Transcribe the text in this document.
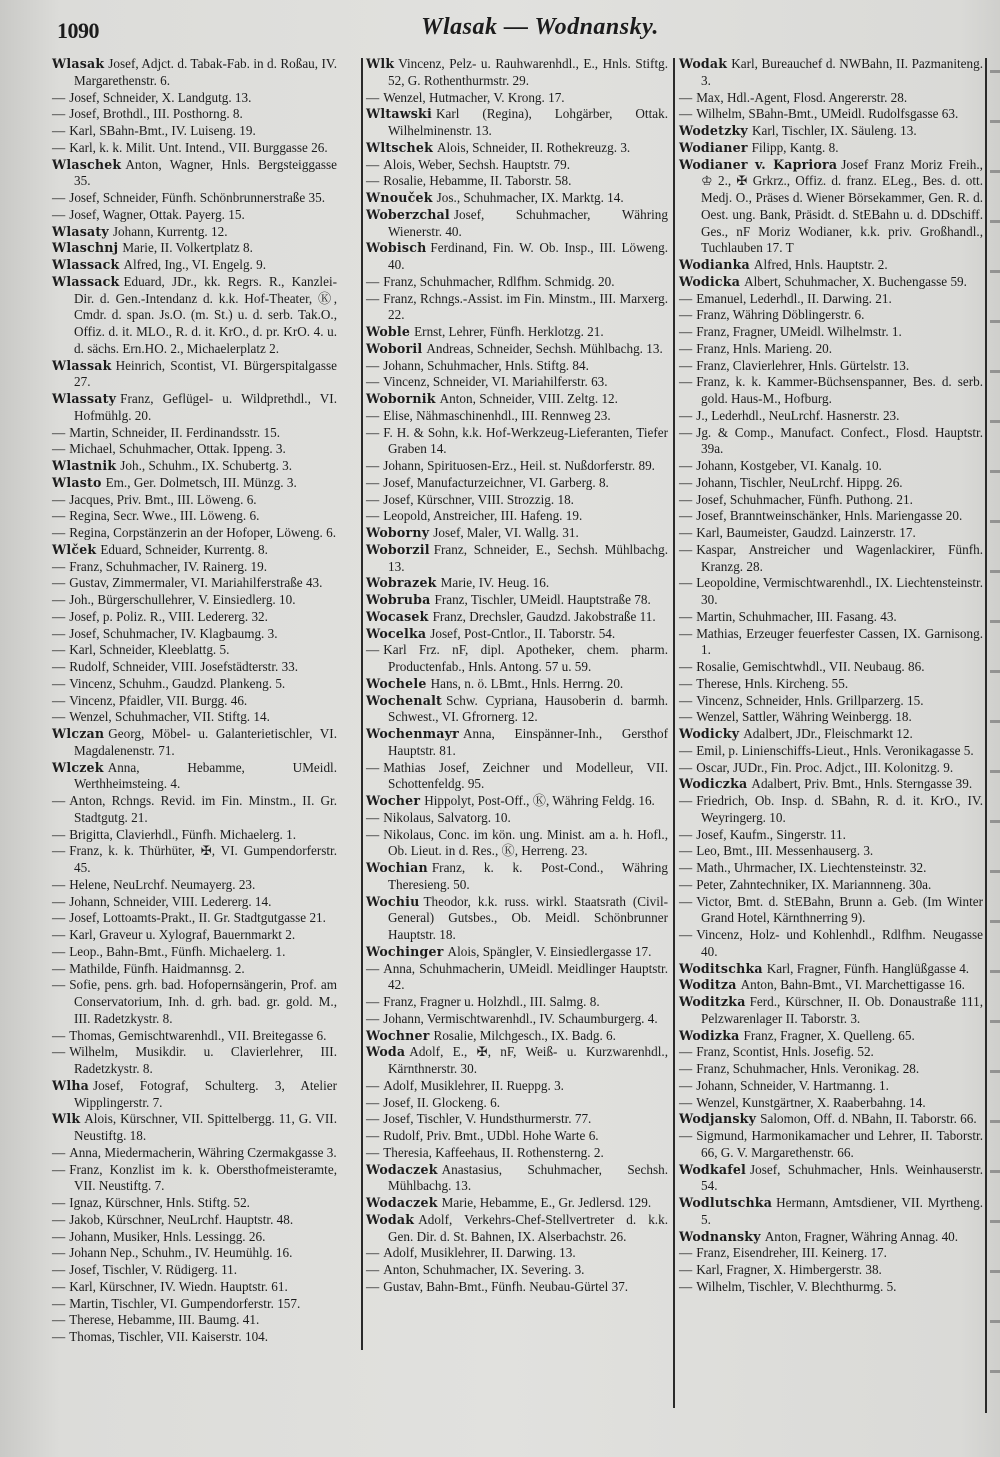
1090	Wlasak — Wodnansky.
Wlasak Josef, Adjct. d. Tabak-Fab. in d. Roßau, IV. Margarethenstr. 6.
— Josef, Schneider, X. Landgutg. 13.
— Josef, Brothdl., III. Posthorng. 8.
— Karl, SBahn-Bmt., IV. Luiseng. 19.
— Karl, k. k. Milit. Unt. Intend., VII. Burggasse 26.
Wlaschek Anton, Wagner, Hnls. Bergsteiggasse 35.
— Josef, Schneider, Fünfh. Schönbrunnerstraße 35.
— Josef, Wagner, Ottak. Payerg. 15.
Wlasaty Johann, Kurrentg. 12.
Wlaschnj Marie, II. Volkertplatz 8.
Wlassack Alfred, Ing., VI. Engelg. 9.
Wlassack Eduard, JDr., kk. Regrs. R., Kanzlei-Dir. d. Gen.-Intendanz d. k.k. Hof-Theater, Ⓚ, Cmdr. d. span. Js.O. (m. St.) u. d. serb. Tak.O., Offiz. d. it. MLO., R. d. it. KrO., d. pr. KrO. 4. u. d. sächs. Ern.HO. 2., Michaelerplatz 2.
Wlassak Heinrich, Scontist, VI. Bürgerspitalgasse 27.
Wlassaty Franz, Geflügel- u. Wildprethdl., VI. Hofmühlg. 20.
— Martin, Schneider, II. Ferdinandsstr. 15.
— Michael, Schuhmacher, Ottak. Ippeng. 3.
Wlastnik Joh., Schuhm., IX. Schubertg. 3.
Wlasto Em., Ger. Dolmetsch, III. Münzg. 3.
— Jacques, Priv. Bmt., III. Löweng. 6.
— Regina, Secr. Wwe., III. Löweng. 6.
— Regina, Corpstänzerin an der Hofoper, Löweng. 6.
Wlček Eduard, Schneider, Kurrentg. 8.
— Franz, Schuhmacher, IV. Rainerg. 19.
— Gustav, Zimmermaler, VI. Mariahilferstraße 43.
— Joh., Bürgerschullehrer, V. Einsiedlerg. 10.
— Josef, p. Poliz. R., VIII. Ledererg. 32.
— Josef, Schuhmacher, IV. Klagbaumg. 3.
— Karl, Schneider, Kleeblattg. 5.
— Rudolf, Schneider, VIII. Josefstädterstr. 33.
— Vincenz, Schuhm., Gaudzd. Plankeng. 5.
— Vincenz, Pfaidler, VII. Burgg. 46.
— Wenzel, Schuhmacher, VII. Stiftg. 14.
Wlczan Georg, Möbel- u. Galanterietischler, VI. Magdalenenstr. 71.
Wlczek Anna, Hebamme, UMeidl. Werthheimsteing. 4.
— Anton, Rchngs. Revid. im Fin. Minstm., II. Gr. Stadtgutg. 21.
— Brigitta, Clavierhdl., Fünfh. Michaelerg. 1.
— Franz, k. k. Thürhüter, ✠, VI. Gumpendorferstr. 45.
— Helene, NeuLrchf. Neumayerg. 23.
— Johann, Schneider, VIII. Ledererg. 14.
— Josef, Lottoamts-Prakt., II. Gr. Stadtgutgasse 21.
— Karl, Graveur u. Xylograf, Bauernmarkt 2.
— Leop., Bahn-Bmt., Fünfh. Michaelerg. 1.
— Mathilde, Fünfh. Haidmannsg. 2.
— Sofie, pens. grh. bad. Hofopernsängerin, Prof. am Conservatorium, Inh. d. grh. bad. gr. gold. M., III. Radetzkystr. 8.
— Thomas, Gemischtwarenhdl., VII. Breitegasse 6.
— Wilhelm, Musikdir. u. Clavierlehrer, III. Radetzkystr. 8.
Wlha Josef, Fotograf, Schulterg. 3, Atelier Wipplingerstr. 7.
Wlk Alois, Kürschner, VII. Spittelbergg. 11, G. VII. Neustiftg. 18.
— Anna, Miedermacherin, Währing Czermakgasse 3.
— Franz, Konzlist im k. k. Obersthofmeisteramte, VII. Neustiftg. 7.
— Ignaz, Kürschner, Hnls. Stiftg. 52.
— Jakob, Kürschner, NeuLrchf. Hauptstr. 48.
— Johann, Musiker, Hnls. Lessingg. 26.
— Johann Nep., Schuhm., IV. Heumühlg. 16.
— Josef, Tischler, V. Rüdigerg. 11.
— Karl, Kürschner, IV. Wiedn. Hauptstr. 61.
— Martin, Tischler, VI. Gumpendorferstr. 157.
— Therese, Hebamme, III. Baumg. 41.
— Thomas, Tischler, VII. Kaiserstr. 104.
Wlk Vincenz, Pelz- u. Rauhwarenhdl., E., Hnls. Stiftg. 52, G. Rothenthurmstr. 29.
— Wenzel, Hutmacher, V. Krong. 17.
Wltawski Karl (Regina), Lohgärber, Ottak. Wilhelminenstr. 13.
Wltschek Alois, Schneider, II. Rothekreuzg. 3.
— Alois, Weber, Sechsh. Hauptstr. 79.
— Rosalie, Hebamme, II. Taborstr. 58.
Wnouček Jos., Schuhmacher, IX. Marktg. 14.
Woberzchal Josef, Schuhmacher, Währing Wienerstr. 40.
Wobisch Ferdinand, Fin. W. Ob. Insp., III. Löweng. 40.
— Franz, Schuhmacher, Rdlfhm. Schmidg. 20.
— Franz, Rchngs.-Assist. im Fin. Minstm., III. Marxerg. 22.
Woble Ernst, Lehrer, Fünfh. Herklotzg. 21.
Woboril Andreas, Schneider, Sechsh. Mühlbachg. 13.
— Johann, Schuhmacher, Hnls. Stiftg. 84.
— Vincenz, Schneider, VI. Mariahilferstr. 63.
Wobornik Anton, Schneider, VIII. Zeltg. 12.
— Elise, Nähmaschinenhdl., III. Rennweg 23.
— F. H. & Sohn, k.k. Hof-Werkzeug-Lieferanten, Tiefer Graben 14.
— Johann, Spirituosen-Erz., Heil. st. Nußdorferstr. 89.
— Josef, Manufacturzeichner, VI. Garberg. 8.
— Josef, Kürschner, VIII. Strozzig. 18.
— Leopold, Anstreicher, III. Hafeng. 19.
Woborny Josef, Maler, VI. Wallg. 31.
Woborzil Franz, Schneider, E., Sechsh. Mühlbachg. 13.
Wobrazek Marie, IV. Heug. 16.
Wobruba Franz, Tischler, UMeidl. Hauptstraße 78.
Wocasek Franz, Drechsler, Gaudzd. Jakobstraße 11.
Wocelka Josef, Post-Cntlor., II. Taborstr. 54.
— Karl Frz. nF, dipl. Apotheker, chem. pharm. Productenfab., Hnls. Antong. 57 u. 59.
Wochele Hans, n. ö. LBmt., Hnls. Herrng. 20.
Wochenalt Schw. Cypriana, Hausoberin d. barmh. Schwest., VI. Gfrornerg. 12.
Wochenmayr Anna, Einspänner-Inh., Gersthof Hauptstr. 81.
— Mathias Josef, Zeichner und Modelleur, VII. Schottenfeldg. 95.
Wocher Hippolyt, Post-Off., Ⓚ, Währing Feldg. 16.
— Nikolaus, Salvatorg. 10.
— Nikolaus, Conc. im kön. ung. Minist. am a. h. Hofl., Ob. Lieut. in d. Res., Ⓚ, Herreng. 23.
Wochian Franz, k. k. Post-Cond., Währing Theresieng. 50.
Wochiu Theodor, k.k. russ. wirkl. Staatsrath (Civil-General) Gutsbes., Ob. Meidl. Schönbrunner Hauptstr. 18.
Wochinger Alois, Spängler, V. Einsiedlergasse 17.
— Anna, Schuhmacherin, UMeidl. Meidlinger Hauptstr. 42.
— Franz, Fragner u. Holzhdl., III. Salmg. 8.
— Johann, Vermischtwarenhdl., IV. Schaumburgerg. 4.
Wochner Rosalie, Milchgesch., IX. Badg. 6.
Woda Adolf, E., ✠, nF, Weiß- u. Kurzwarenhdl., Kärnthnerstr. 30.
— Adolf, Musiklehrer, II. Rueppg. 3.
— Josef, II. Glockeng. 6.
— Josef, Tischler, V. Hundsthurmerstr. 77.
— Rudolf, Priv. Bmt., UDbl. Hohe Warte 6.
— Theresia, Kaffeehaus, II. Rothensterng. 2.
Wodaczek Anastasius, Schuhmacher, Sechsh. Mühlbachg. 13.
Wodaczek Marie, Hebamme, E., Gr. Jedlersd. 129.
Wodak Adolf, Verkehrs-Chef-Stellvertreter d. k.k. Gen. Dir. d. St. Bahnen, IX. Alserbachstr. 26.
— Adolf, Musiklehrer, II. Darwing. 13.
— Anton, Schuhmacher, IX. Severing. 3.
— Gustav, Bahn-Bmt., Fünfh. Neubau-Gürtel 37.
Wodak Karl, Bureauchef d. NWBahn, II. Pazmaniteng. 3.
— Max, Hdl.-Agent, Flosd. Angererstr. 28.
— Wilhelm, SBahn-Bmt., UMeidl. Rudolfsgasse 63.
Wodetzky Karl, Tischler, IX. Säuleng. 13.
Wodianer Filipp, Kantg. 8.
Wodianer v. Kapriora Josef Franz Moriz Freih., ♔ 2., ✠ Grkrz., Offiz. d. franz. ELeg., Bes. d. ott. Medj. O., Präses d. Wiener Börsekammer, Gen. R. d. Oest. ung. Bank, Präsidt. d. StEBahn u. d. DDschiff. Ges., nF Moriz Wodianer, k.k. priv. Großhandl., Tuchlauben 17. T
Wodianka Alfred, Hnls. Hauptstr. 2.
Wodicka Albert, Schuhmacher, X. Buchengasse 59.
— Emanuel, Lederhdl., II. Darwing. 21.
— Franz, Währing Döblingerstr. 6.
— Franz, Fragner, UMeidl. Wilhelmstr. 1.
— Franz, Hnls. Marieng. 20.
— Franz, Clavierlehrer, Hnls. Gürtelstr. 13.
— Franz, k. k. Kammer-Büchsenspanner, Bes. d. serb. gold. Haus-M., Hofburg.
— J., Lederhdl., NeuLrchf. Hasnerstr. 23.
— Jg. & Comp., Manufact. Confect., Flosd. Hauptstr. 39a.
— Johann, Kostgeber, VI. Kanalg. 10.
— Johann, Tischler, NeuLrchf. Hippg. 26.
— Josef, Schuhmacher, Fünfh. Puthong. 21.
— Josef, Branntweinschänker, Hnls. Mariengasse 20.
— Karl, Baumeister, Gaudzd. Lainzerstr. 17.
— Kaspar, Anstreicher und Wagenlackirer, Fünfh. Kranzg. 28.
— Leopoldine, Vermischtwarenhdl., IX. Liechtensteinstr. 30.
— Martin, Schuhmacher, III. Fasang. 43.
— Mathias, Erzeuger feuerfester Cassen, IX. Garnisong. 1.
— Rosalie, Gemischtwhdl., VII. Neubaug. 86.
— Therese, Hnls. Kircheng. 55.
— Vincenz, Schneider, Hnls. Grillparzerg. 15.
— Wenzel, Sattler, Währing Weinbergg. 18.
Wodicky Adalbert, JDr., Fleischmarkt 12.
— Emil, p. Linienschiffs-Lieut., Hnls. Veronikagasse 5.
— Oscar, JUDr., Fin. Proc. Adjct., III. Kolonitzg. 9.
Wodiczka Adalbert, Priv. Bmt., Hnls. Sterngasse 39.
— Friedrich, Ob. Insp. d. SBahn, R. d. it. KrO., IV. Weyringerg. 10.
— Josef, Kaufm., Singerstr. 11.
— Leo, Bmt., III. Messenhauserg. 3.
— Math., Uhrmacher, IX. Liechtensteinstr. 32.
— Peter, Zahntechniker, IX. Mariannneng. 30a.
— Victor, Bmt. d. StEBahn, Brunn a. Geb. (Im Winter Grand Hotel, Kärnthnerring 9).
— Vincenz, Holz- und Kohlenhdl., Rdlfhm. Neugasse 40.
Woditschka Karl, Fragner, Fünfh. Hanglüßgasse 4.
Woditza Anton, Bahn-Bmt., VI. Marchettigasse 16.
Woditzka Ferd., Kürschner, II. Ob. Donaustraße 111, Pelzwarenlager II. Taborstr. 3.
Wodizka Franz, Fragner, X. Quelleng. 65.
— Franz, Scontist, Hnls. Josefig. 52.
— Franz, Schuhmacher, Hnls. Veronikag. 28.
— Johann, Schneider, V. Hartmanng. 1.
— Wenzel, Kunstgärtner, X. Raaberbahng. 14.
Wodjansky Salomon, Off. d. NBahn, II. Taborstr. 66.
— Sigmund, Harmonikamacher und Lehrer, II. Taborstr. 66, G. V. Margarethenstr. 66.
Wodkafel Josef, Schuhmacher, Hnls. Weinhauserstr. 54.
Wodlutschka Hermann, Amtsdiener, VII. Myrtheng. 5.
Wodnansky Anton, Fragner, Währing Annag. 40.
— Franz, Eisendreher, III. Keinerg. 17.
— Karl, Fragner, X. Himbergerstr. 38.
— Wilhelm, Tischler, V. Blechthurmg. 5.
